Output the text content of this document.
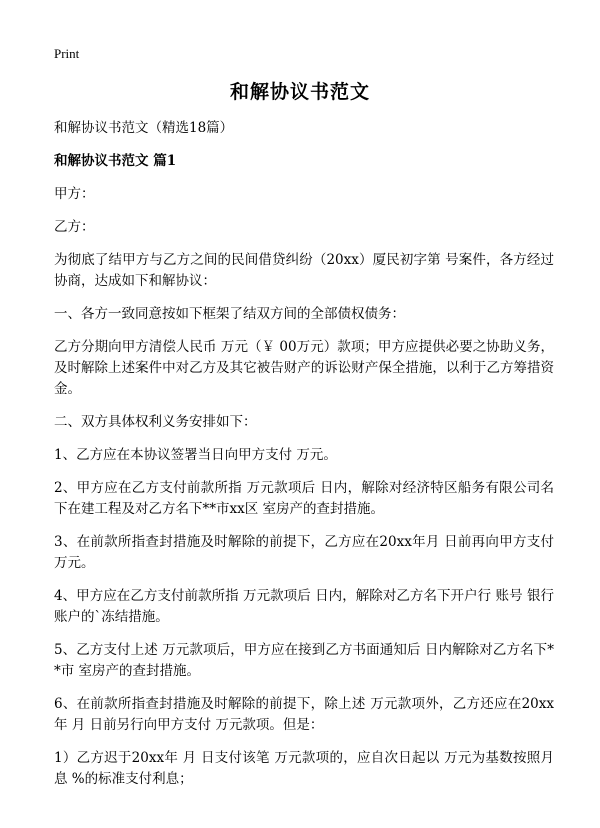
Print
和解协议书范文

和解协议书范文（精选18篇）

和解协议书范文 篇1

甲方：

乙方：

为彻底了结甲方与乙方之间的民间借贷纠纷（20xx）厦民初字第 号案件，各方经过协商，达成如下和解协议：

一、各方一致同意按如下框架了结双方间的全部债权债务：

乙方分期向甲方清偿人民币 万元（￥ 00万元）款项；甲方应提供必要之协助义务，及时解除上述案件中对乙方及其它被告财产的诉讼财产保全措施，以利于乙方筹措资金。

二、双方具体权利义务安排如下：

1、乙方应在本协议签署当日向甲方支付 万元。

2、甲方应在乙方支付前款所指 万元款项后 日内，解除对经济特区船务有限公司名下在建工程及对乙方名下**市xx区 室房产的查封措施。

3、在前款所指查封措施及时解除的前提下，乙方应在20xx年月 日前再向甲方支付 万元。

4、甲方应在乙方支付前款所指 万元款项后 日内，解除对乙方名下开户行 账号 银行账户的`冻结措施。

5、乙方支付上述 万元款项后，甲方应在接到乙方书面通知后 日内解除对乙方名下**市 室房产的查封措施。

6、在前款所指查封措施及时解除的前提下，除上述 万元款项外，乙方还应在20xx年 月 日前另行向甲方支付 万元款项。但是：

1）乙方迟于20xx年 月 日支付该笔 万元款项的，应自次日起以 万元为基数按照月息 %的标准支付利息；
